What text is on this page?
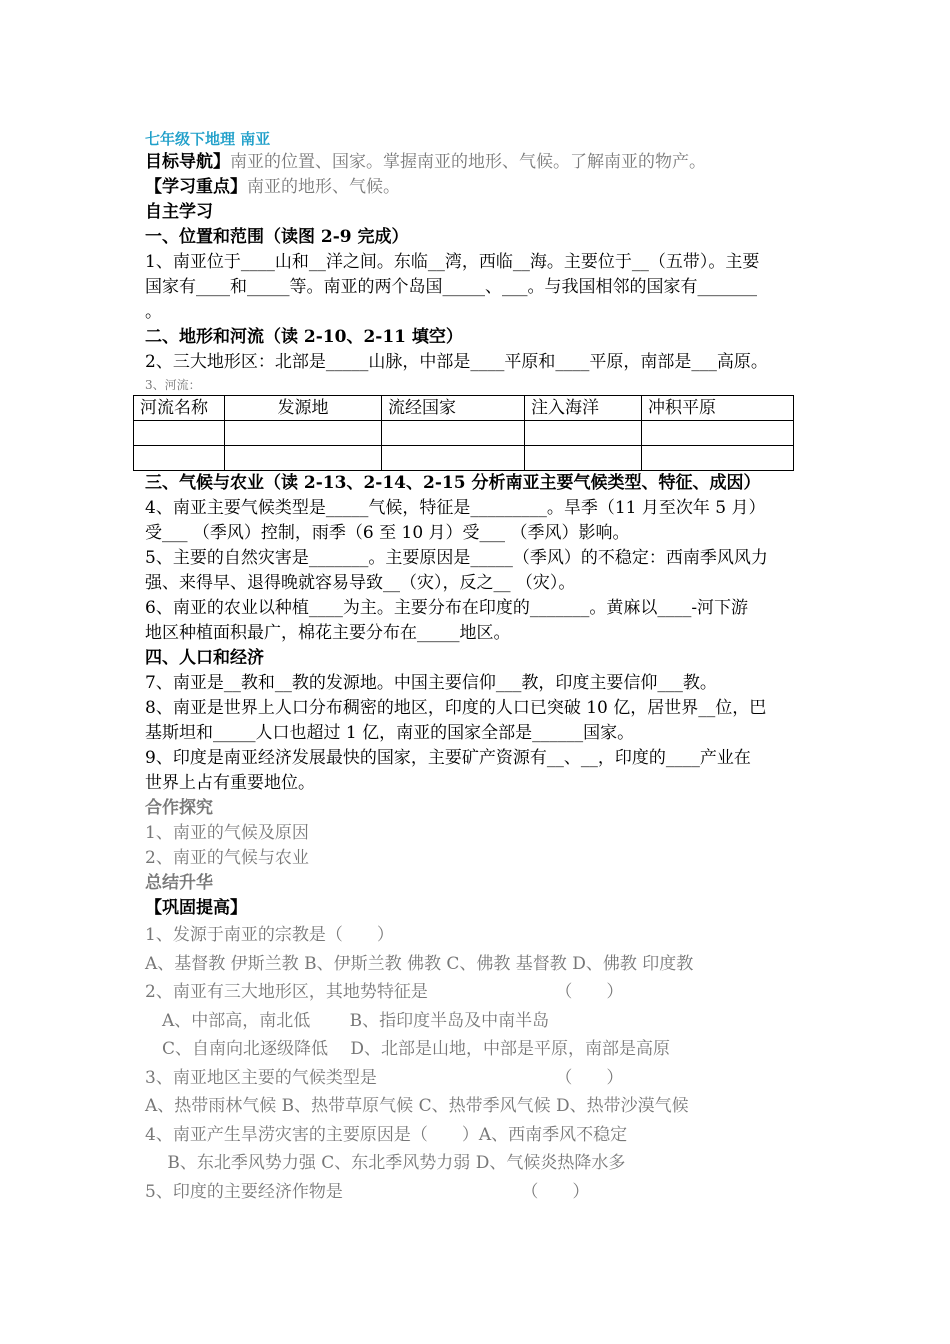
七年级下地理 南亚
目标导航】南亚的位置、国家。掌握南亚的地形、气候。了解南亚的物产。
【学习重点】南亚的地形、气候。
自主学习
一、位置和范围（读图 2-9 完成）
1、南亚位于____山和__洋之间。东临__湾，西临__海。主要位于__（五带）。主要
国家有____和_____等。南亚的两个岛国_____、___。与我国相邻的国家有_______
。
二、地形和河流（读 2-10、2-11 填空）
2、三大地形区：北部是_____山脉，中部是____平原和____平原，南部是___高原。
3、河流：
河流名称	发源地	流经国家	注入海洋	冲积平原

三、气候与农业（读 2-13、2-14、2-15 分析南亚主要气候类型、特征、成因）
4、南亚主要气候类型是_____气候，特征是_________。旱季（11 月至次年 5 月）
受___ （季风）控制，雨季（6 至 10 月）受___ （季风）影响。
5、主要的自然灾害是_______。主要原因是_____（季风）的不稳定：西南季风风力
强、来得早、退得晚就容易导致__（灾），反之__ （灾）。
6、南亚的农业以种植____为主。主要分布在印度的_______。黄麻以____-河下游
地区种植面积最广，棉花主要分布在_____地区。
四、人口和经济
7、南亚是__教和__教的发源地。中国主要信仰___教，印度主要信仰___教。
8、南亚是世界上人口分布稠密的地区，印度的人口已突破 10 亿，居世界__位，巴
基斯坦和_____人口也超过 1 亿，南亚的国家全部是______国家。
9、印度是南亚经济发展最快的国家，主要矿产资源有__、__，印度的____产业在
世界上占有重要地位。
合作探究
1、南亚的气候及原因
2、南亚的气候与农业
总结升华
【巩固提高】
1、发源于南亚的宗教是（　　）
A、基督教 伊斯兰教 B、伊斯兰教 佛教 C、佛教 基督教 D、佛教 印度教
2、南亚有三大地形区，其地势特征是　　　　　　　　（　　）
　A、中部高，南北低　　 B、指印度半岛及中南半岛
　C、自南向北逐级降低　 D、北部是山地，中部是平原，南部是高原
3、南亚地区主要的气候类型是　　　　　　　　　　　（　　）
A、热带雨林气候 B、热带草原气候 C、热带季风气候 D、热带沙漠气候
4、南亚产生旱涝灾害的主要原因是（　　）A、西南季风不稳定
　 B、东北季风势力强 C、东北季风势力弱 D、气候炎热降水多
5、印度的主要经济作物是　　　　　　　　　　　（　　）
